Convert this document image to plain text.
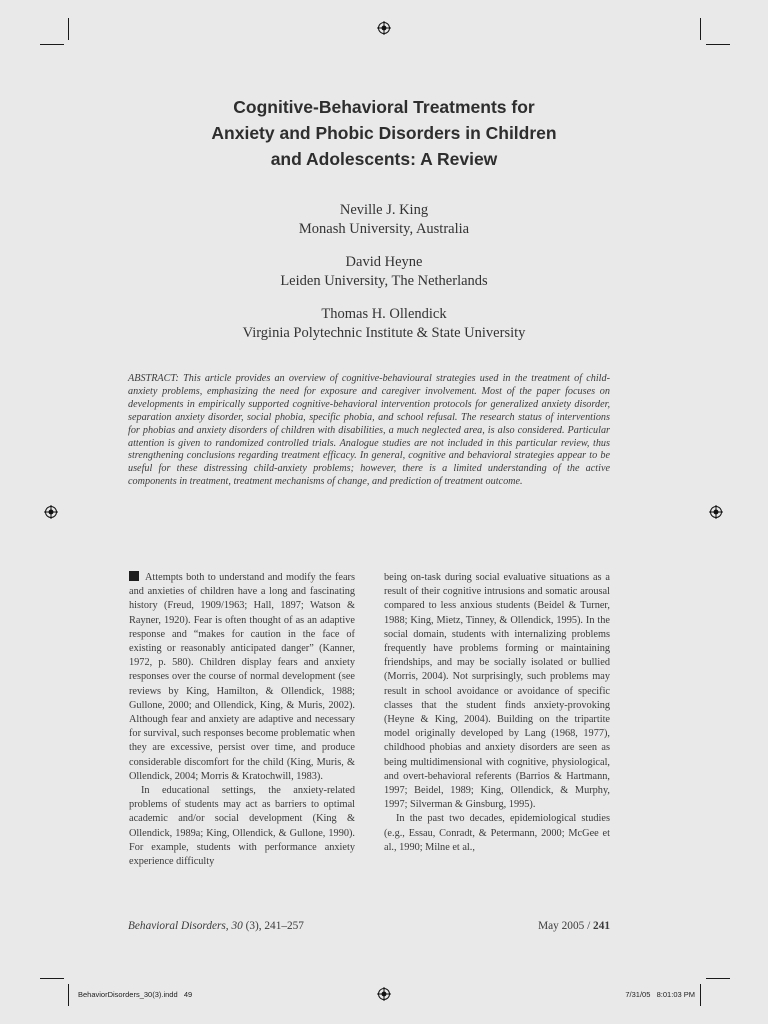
Cognitive-Behavioral Treatments for
Anxiety and Phobic Disorders in Children
and Adolescents: A Review
Neville J. King
Monash University, Australia
David Heyne
Leiden University, The Netherlands
Thomas H. Ollendick
Virginia Polytechnic Institute & State University

ABSTRACT: This article provides an overview of cognitive-behavioural strategies used in the treatment of child-anxiety problems, emphasizing the need for exposure and caregiver involvement. Most of the paper focuses on developments in empirically supported cognitive-behavioral intervention protocols for generalized anxiety disorder, separation anxiety disorder, social phobia, specific phobia, and school refusal. The research status of interventions for phobias and anxiety disorders of children with disabilities, a much neglected area, is also considered. Particular attention is given to randomized controlled trials. Analogue studies are not included in this particular review, thus strengthening conclusions regarding treatment efficacy. In general, cognitive and behavioral strategies appear to be useful for these distressing child-anxiety problems; however, there is a limited understanding of the active components in treatment, treatment mechanisms of change, and prediction of treatment outcome.

Attempts both to understand and modify the fears and anxieties of children have a long and fascinating history (Freud, 1909/1963; Hall, 1897; Watson & Rayner, 1920). Fear is often thought of as an adaptive response and “makes for caution in the face of existing or reasonably anticipated danger” (Kanner, 1972, p. 580). Children display fears and anxiety responses over the course of normal development (see reviews by King, Hamilton, & Ollendick, 1988; Gullone, 2000; and Ollendick, King, & Muris, 2002). Although fear and anxiety are adaptive and necessary for survival, such responses become problematic when they are excessive, persist over time, and produce considerable discomfort for the child (King, Muris, & Ollendick, 2004; Morris & Kratochwill, 1983).

In educational settings, the anxiety-related problems of students may act as barriers to optimal academic and/or social development (King & Ollendick, 1989a; King, Ollendick, & Gullone, 1990). For example, students with performance anxiety experience difficulty

being on-task during social evaluative situations as a result of their cognitive intrusions and somatic arousal compared to less anxious students (Beidel & Turner, 1988; King, Mietz, Tinney, & Ollendick, 1995). In the social domain, students with internalizing problems frequently have problems forming or maintaining friendships, and may be socially isolated or bullied (Morris, 2004). Not surprisingly, such problems may result in school avoidance or avoidance of specific classes that the student finds anxiety-provoking (Heyne & King, 2004). Building on the tripartite model originally developed by Lang (1968, 1977), childhood phobias and anxiety disorders are seen as being multidimensional with cognitive, physiological, and overt-behavioral referents (Barrios & Hartmann, 1997; Beidel, 1989; King, Ollendick, & Murphy, 1997; Silverman & Ginsburg, 1995).

In the past two decades, epidemiological studies (e.g., Essau, Conradt, & Petermann, 2000; McGee et al., 1990; Milne et al.,

Behavioral Disorders, 30 (3), 241–257	May 2005 / 241
BehaviorDisorders_30(3).indd   49	7/31/05   8:01:03 PM
